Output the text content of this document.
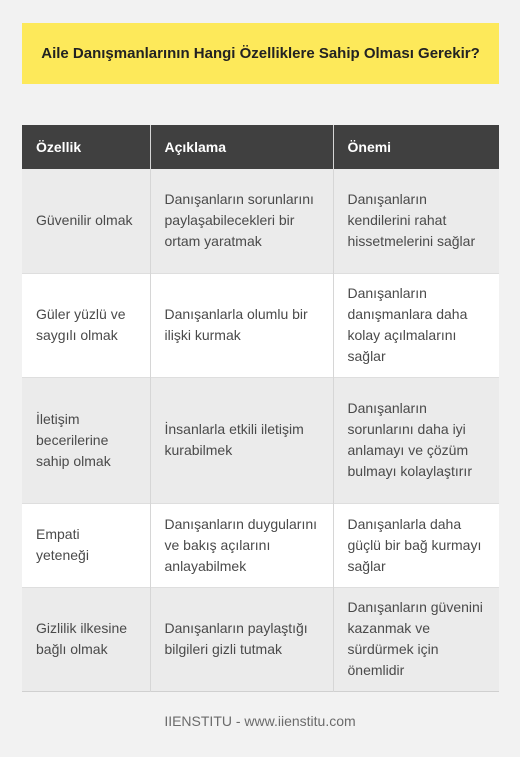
Aile Danışmanlarının Hangi Özelliklere Sahip Olması Gerekir?
Özellik	Açıklama	Önemi
Güvenilir olmak	Danışanların sorunlarını paylaşabilecekleri bir ortam yaratmak	Danışanların kendilerini rahat hissetmelerini sağlar
Güler yüzlü ve saygılı olmak	Danışanlarla olumlu bir ilişki kurmak	Danışanların danışmanlara daha kolay açılmalarını sağlar
İletişim becerilerine sahip olmak	İnsanlarla etkili iletişim kurabilmek	Danışanların sorunlarını daha iyi anlamayı ve çözüm bulmayı kolaylaştırır
Empati yeteneği	Danışanların duygularını ve bakış açılarını anlayabilmek	Danışanlarla daha güçlü bir bağ kurmayı sağlar
Gizlilik ilkesine bağlı olmak	Danışanların paylaştığı bilgileri gizli tutmak	Danışanların güvenini kazanmak ve sürdürmek için önemlidir
IIENSTITU - www.iienstitu.com
